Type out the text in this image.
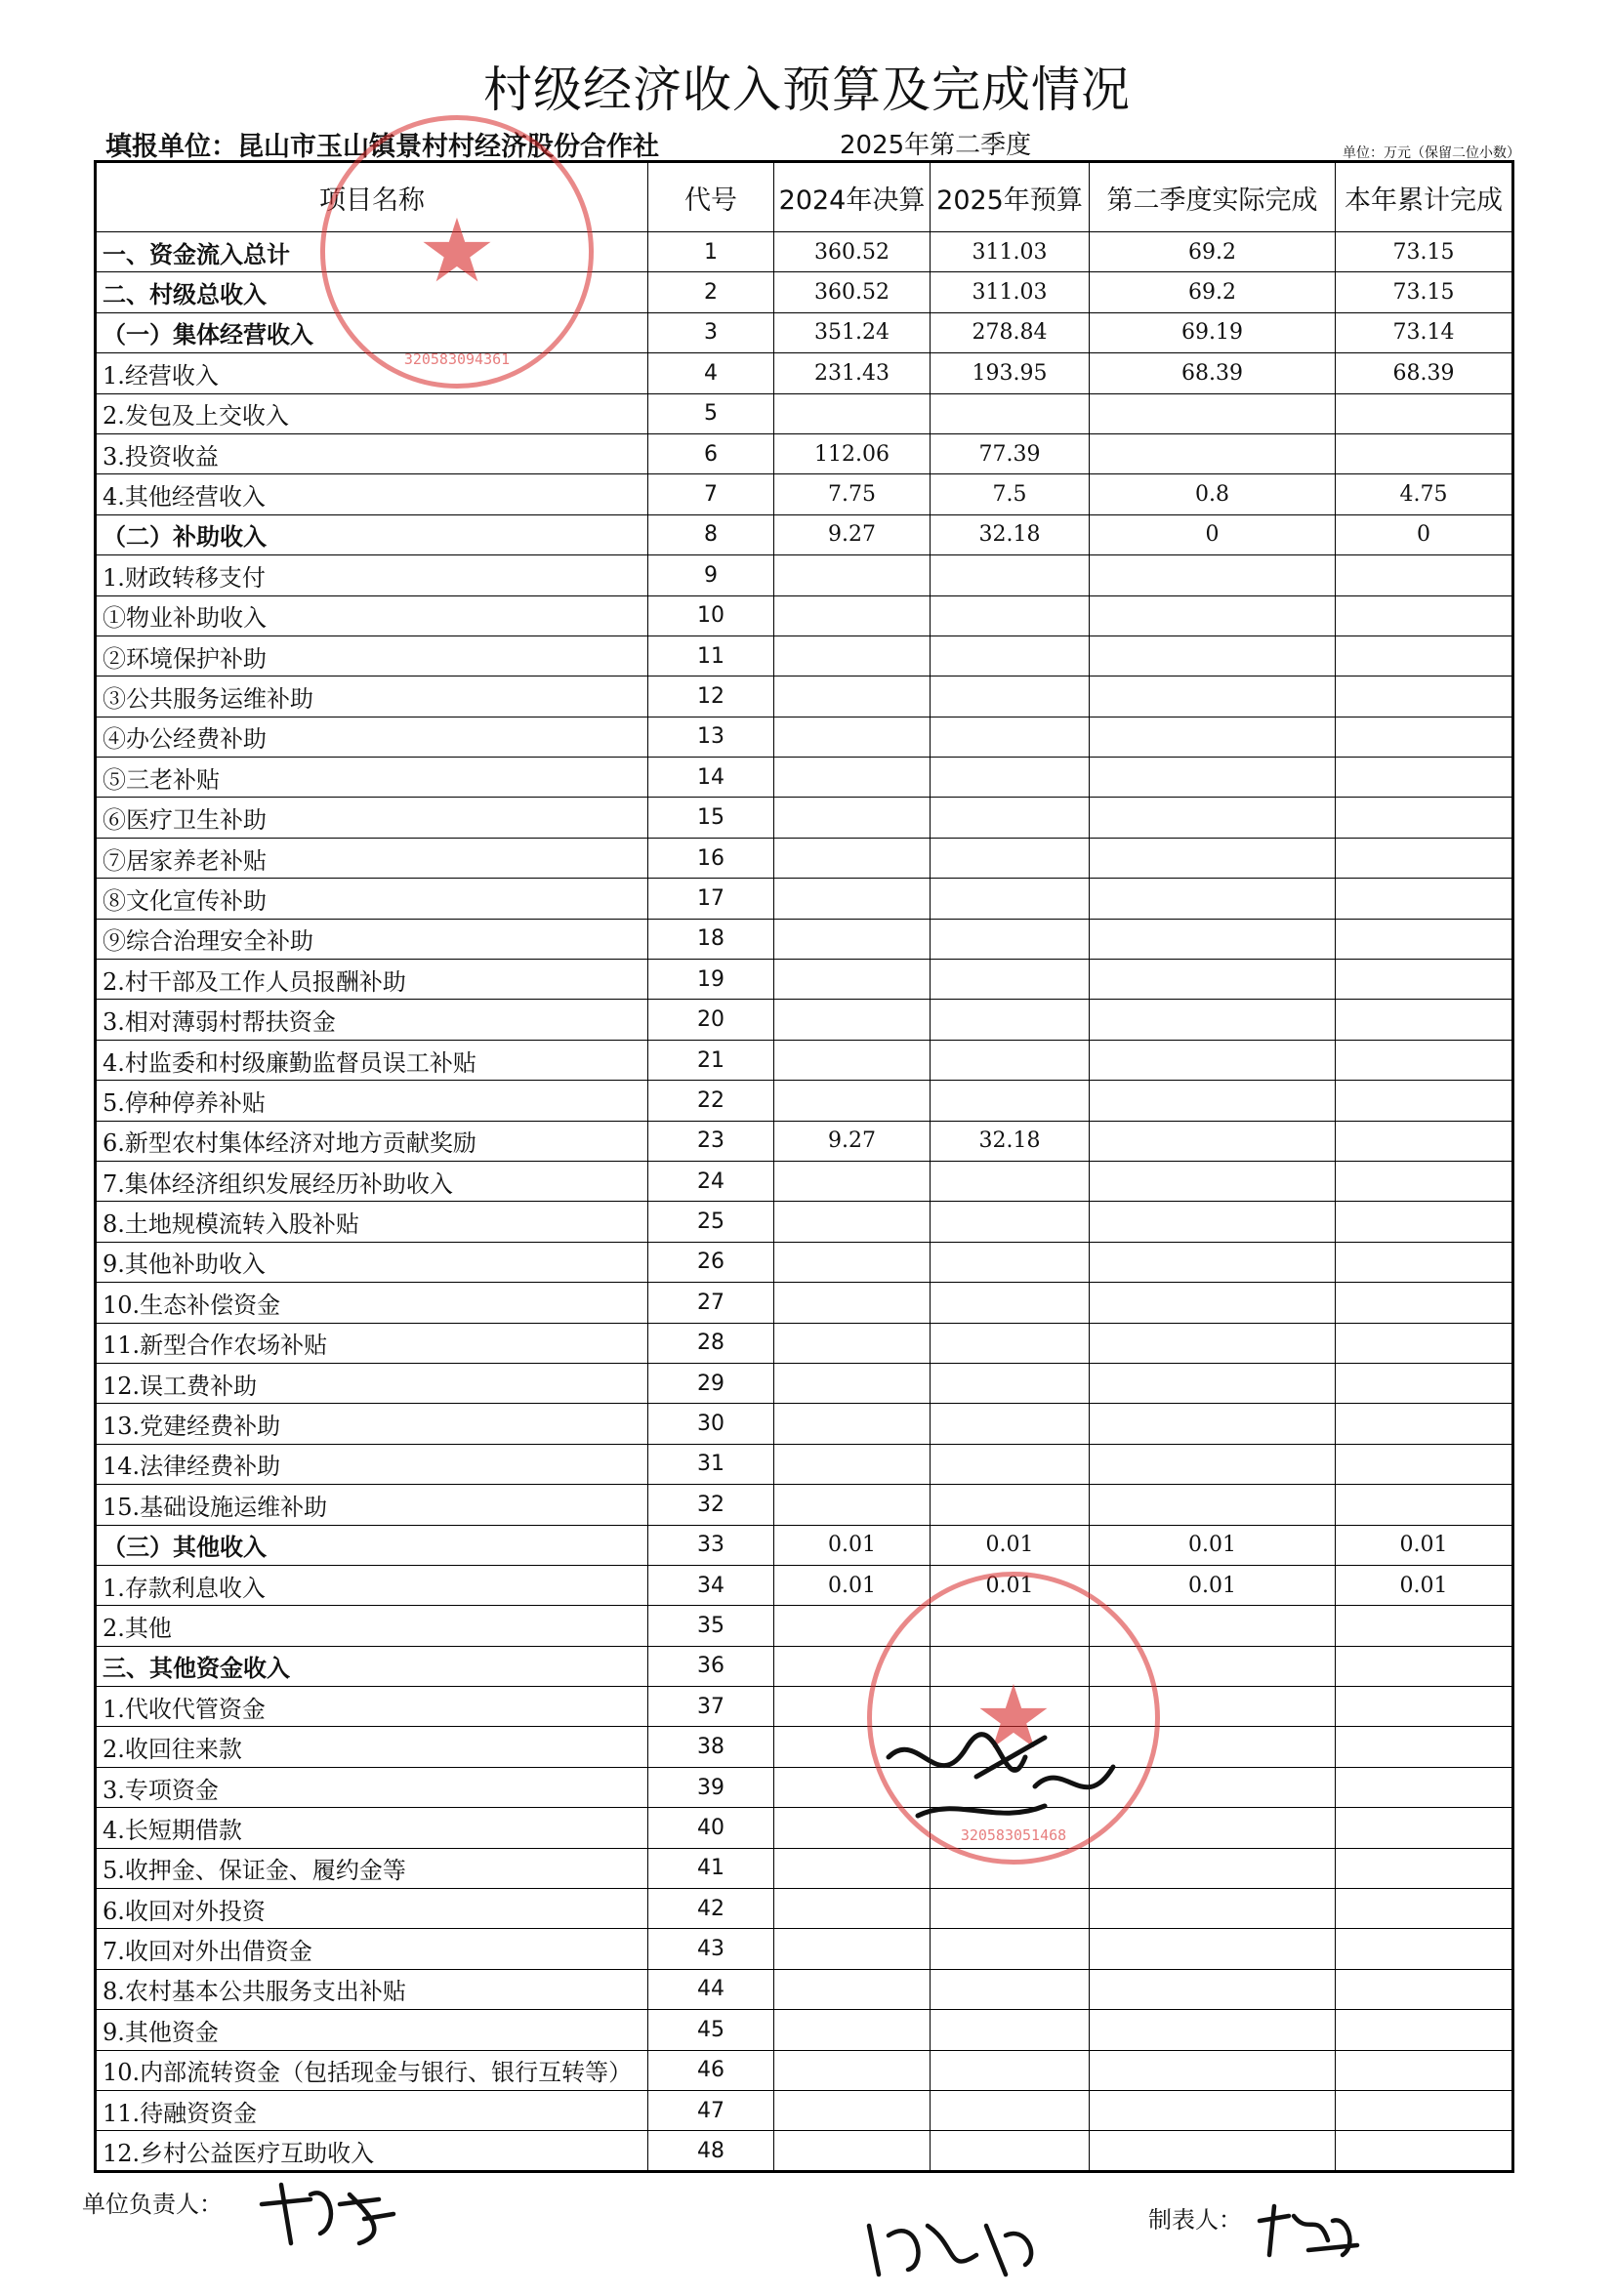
村级经济收入预算及完成情况
填报单位：昆山市玉山镇景村村经济股份合作社	2025年第二季度	单位：万元（保留二位小数）
项目名称	代号	2024年决算	2025年预算	第二季度实际完成	本年累计完成
一、资金流入总计	1	360.52	311.03	69.2	73.15
二、村级总收入	2	360.52	311.03	69.2	73.15
（一）集体经营收入	3	351.24	278.84	69.19	73.14
1.经营收入	4	231.43	193.95	68.39	68.39
2.发包及上交收入	5				
3.投资收益	6	112.06	77.39		
4.其他经营收入	7	7.75	7.5	0.8	4.75
（二）补助收入	8	9.27	32.18	0	0
1.财政转移支付	9				
①物业补助收入	10				
②环境保护补助	11				
③公共服务运维补助	12				
④办公经费补助	13				
⑤三老补贴	14				
⑥医疗卫生补助	15				
⑦居家养老补贴	16				
⑧文化宣传补助	17				
⑨综合治理安全补助	18				
2.村干部及工作人员报酬补助	19				
3.相对薄弱村帮扶资金	20				
4.村监委和村级廉勤监督员误工补贴	21				
5.停种停养补贴	22				
6.新型农村集体经济对地方贡献奖励	23	9.27	32.18		
7.集体经济组织发展经历补助收入	24				
8.土地规模流转入股补贴	25				
9.其他补助收入	26				
10.生态补偿资金	27				
11.新型合作农场补贴	28				
12.误工费补助	29				
13.党建经费补助	30				
14.法律经费补助	31				
15.基础设施运维补助	32				
（三）其他收入	33	0.01	0.01	0.01	0.01
1.存款利息收入	34	0.01	0.01	0.01	0.01
2.其他	35				
三、其他资金收入	36				
1.代收代管资金	37				
2.收回往来款	38				
3.专项资金	39				
4.长短期借款	40				
5.收押金、保证金、履约金等	41				
6.收回对外投资	42				
7.收回对外出借资金	43				
8.农村基本公共服务支出补贴	44				
9.其他资金	45				
10.内部流转资金（包括现金与银行、银行互转等）	46				
11.待融资资金	47				
12.乡村公益医疗互助收入	48				
★
320583094361
★
320583051468
单位负责人：
制表人：
